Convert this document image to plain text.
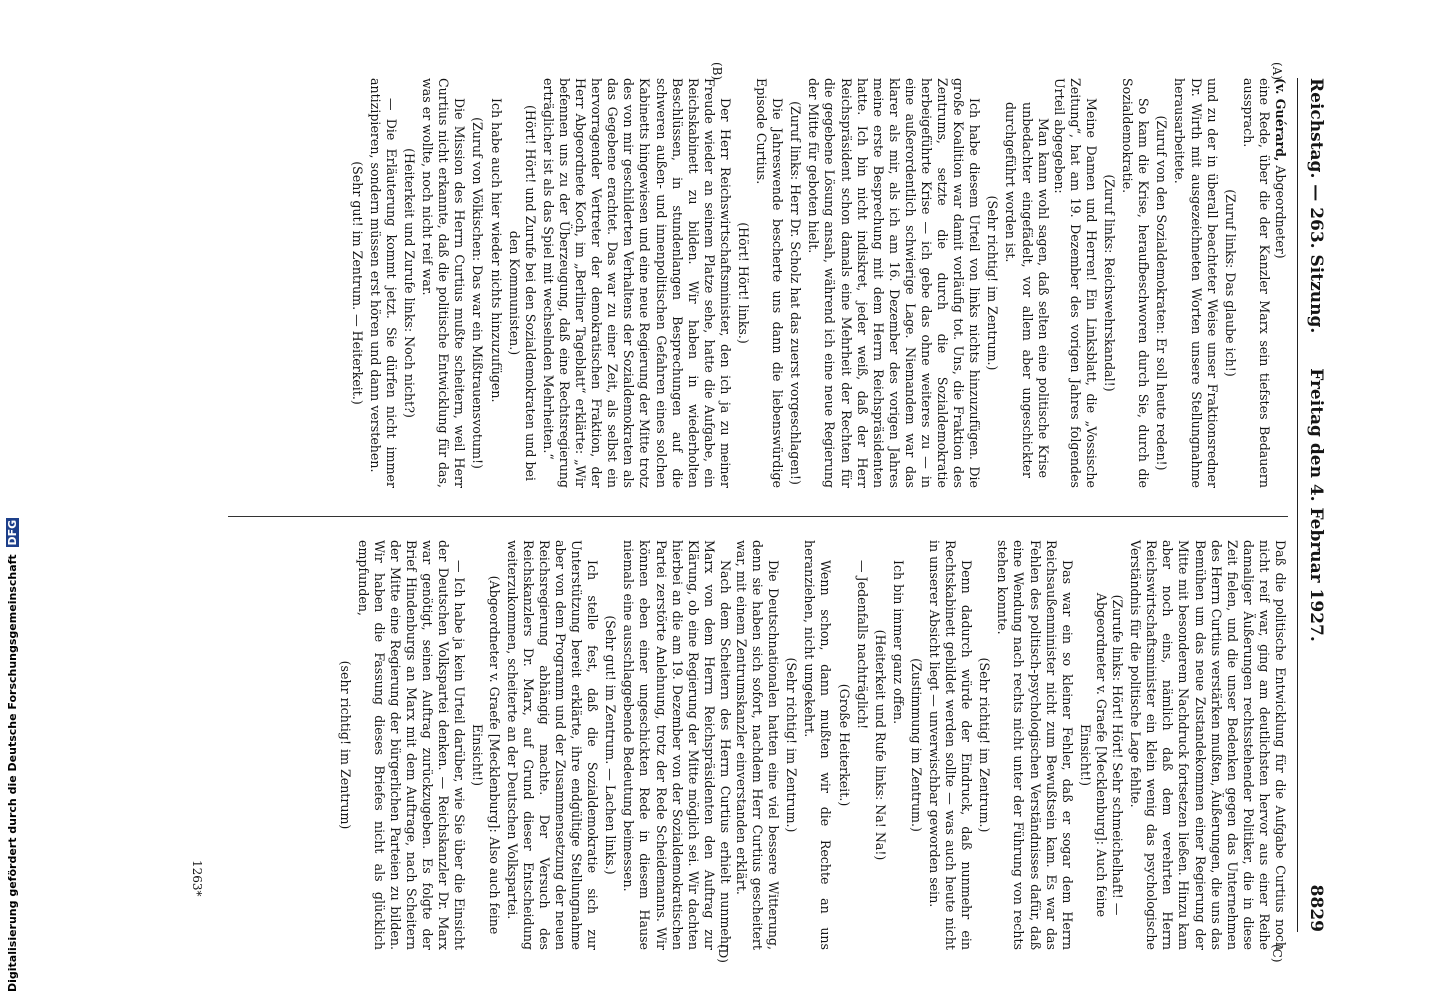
Reichstag. — 263. Sitzung.
Freitag den 4. Februar 1927.
8829
(A)
(B)
(C)
(D)

(v. Guérard, Abgeordneter)

eine Rede, über die der Kanzler Marx sein tiefstes Bedauern aussprach.

(Zuruf links: Das glaube ich!)

und zu der in überall beachteter Weise unser Fraktionsredner Dr. Wirth mit ausgezeichneten Worten unsere Stellungnahme herausarbeitete.

(Zuruf von den Sozialdemokraten: Er soll heute reden!)

So kam die Krise, heraufbeschworen durch Sie, durch die Sozialdemokratie.

(Zuruf links: Reichswehrskandal!)

Meine Damen und Herren! Ein Linksblatt, die „Vossische Zeitung“, hat am 19. Dezember des vorigen Jahres folgendes Urteil abgegeben:

Man kann wohl sagen, daß selten eine politische Krise unbedachter eingefädelt, vor allem aber ungeschickter durchgeführt worden ist.

(Sehr richtig! im Zentrum.)

Ich habe diesem Urteil von links nichts hinzuzufügen. Die große Koalition war damit vorläufig tot. Uns, die Fraktion des Zentrums, setzte die durch die Sozialdemokratie herbeigeführte Krise — ich gebe das ohne weiteres zu — in eine außerordentlich schwierige Lage. Niemandem war das klarer als mir, als ich am 16. Dezember des vorigen Jahres meine erste Besprechung mit dem Herrn Reichspräsidenten hatte. Ich bin nicht indiskret, jeder weiß, daß der Herr Reichspräsident schon damals eine Mehrheit der Rechten für die gegebene Lösung ansah, während ich eine neue Regierung der Mitte für geboten hielt.

(Zuruf links: Herr Dr. Scholz hat das zuerst vorgeschlagen!)

Die Jahreswende bescherte uns dann die liebenswürdige Episode Curtius.

(Hört! Hört! links.)

Der Herr Reichswirtschaftsminister, den ich ja zu meiner Freude wieder an seinem Platze sehe, hatte die Aufgabe, ein Reichskabinett zu bilden. Wir haben in wiederholten Beschlüssen, in stundenlangen Besprechungen auf die schweren außen- und innenpolitischen Gefahren eines solchen Kabinetts hingewiesen und eine neue Regierung der Mitte trotz des von mir geschilderten Verhaltens der Sozialdemokraten als das Gegebene erachtet. Das war zu einer Zeit, als selbst ein hervorragender Vertreter der demokratischen Fraktion, der Herr Abgeordnete Koch, im „Berliner Tageblatt“ erklärte: „Wir befennen uns zu der Überzeugung, daß eine Rechtsregierung erträglicher ist als das Spiel mit wechselnden Mehrheiten.“

(Hört! Hört! und Zurufe bei den Sozialdemokraten und bei den Kommunisten.)

Ich habe auch hier wieder nichts hinzuzufügen.

(Zuruf von Völkischen: Das war ein Mißtrauensvotum!)

Die Mission des Herrn Curtius mußte scheitern, weil Herr Curtius nicht erkannte, daß die politische Entwicklung für das, was er wollte, noch nicht reif war.

(Heiterkeit und Zurufe links: Noch nicht?)

— Die Erläuterung kommt jetzt. Sie dürfen nicht immer antizipieren, sondern müssen erst hören und dann verstehen.

(Sehr gut! im Zentrum. — Heiterkeit.)

Daß die politische Entwicklung für die Aufgabe Curtius noch nicht reif war, ging am deutlichsten hervor aus einer Reihe damaliger Äußerungen rechtsstehender Politiker, die in diese Zeit fielen, und die unser Bedenken gegen das Unternehmen des Herrn Curtius verstärken mußten, Äußerungen, die uns das Bemühen um das neue Zustandekommen einer Regierung der Mitte mit besonderem Nachdruck fortsetzen ließen. Hinzu kam aber noch eins, nämlich daß dem verehrten Herrn Reichswirtschaftsminister ein klein wenig das psychologische Verständnis für die politische Lage fehlte.

(Zurufe links: Hört! Hört! Sehr schmeichelhaft! — Abgeordneter v. Graefe [Mecklenburg]: Auch feine Einsicht!)

Das war ein so kleiner Fehler, daß er sogar dem Herrn Reichsaußenminister nicht zum Bewußtsein kam. Es war das Fehlen des politisch-psychologischen Verständnisses dafür, daß eine Wendung nach rechts nicht unter der Führung von rechts stehen konnte.

(Sehr richtig! im Zentrum.)

Denn dadurch würde der Eindruck, daß nunmehr ein Rechtskabinett gebildet werden sollte — was auch heute nicht in unserer Absicht liegt — unverwischbar geworden sein.

(Zustimmung im Zentrum.)

Ich bin immer ganz offen.

(Heiterkeit und Rufe links: Na! Na!)

— Jedenfalls nachträglich!

(Große Heiterkeit.)

Wenn schon, dann mußten wir die Rechte an uns heranziehen, nicht umgekehrt.

(Sehr richtig! im Zentrum.)

Die Deutschnationalen hatten eine viel bessere Witterung, denn sie haben sich sofort, nachdem Herr Curtius gescheitert war, mit einem Zentrumskanzler einverstanden erklärt.

Nach dem Scheitern des Herrn Curtius erhielt nunmehr Marx von dem Herrn Reichspräsidenten den Auftrag zur Klärung, ob eine Regierung der Mitte möglich sei. Wir dachten hierbei an die am 19. Dezember von der Sozialdemokratischen Partei zerstörte Anlehnung, trotz der Rede Scheidemanns. Wir können eben einer ungeschickten Rede in diesem Hause niemals eine ausschlaggebende Bedeutung beimessen.

(Sehr gut! im Zentrum. — Lachen links.)

Ich stelle fest, daß die Sozialdemokratie sich zur Unterstützung bereit erklärte, ihre endgültige Stellungnahme aber von dem Programm und der Zusammensetzung der neuen Reichsregierung abhängig machte. Der Versuch des Reichskanzlers Dr. Marx, auf Grund dieser Entscheidung weiterzukommen, scheiterte an der Deutschen Volkspartei.

(Abgeordneter v. Graefe [Mecklenburg]: Also auch feine Einsicht!)

— Ich habe ja kein Urteil darüber, wie Sie über die Einsicht der Deutschen Volkspartei denken. — Reichskanzler Dr. Marx war genötigt, seinen Auftrag zurückzugeben. Es folgte der Brief Hindenburgs an Marx mit dem Auftrage, nach Scheitern der Mitte eine Regierung der bürgerlichen Parteien zu bilden. Wir haben die Fassung dieses Briefes nicht als glücklich empfunden,

(sehr richtig! im Zentrum)

1263*
Digitalisierung gefördert durch die Deutsche Forschungsgemeinschaft DFG
